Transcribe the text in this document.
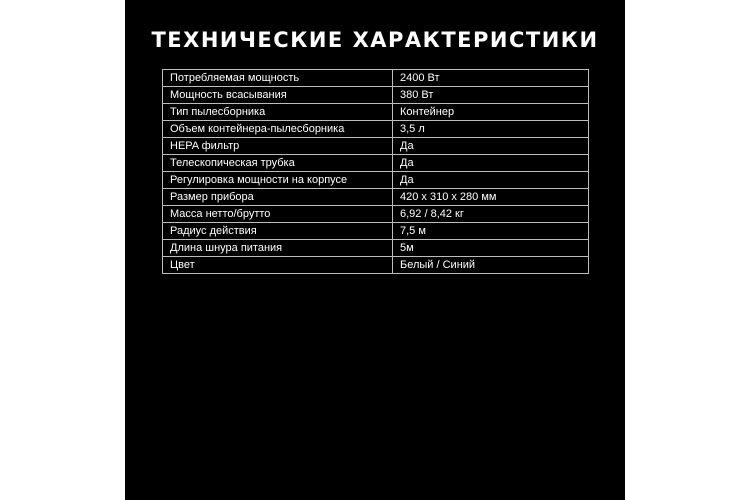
ТЕХНИЧЕСКИЕ ХАРАКТЕРИСТИКИ
Потребляемая мощность	2400 Вт
Мощность всасывания	380 Вт
Тип пылесборника	Контейнер
Объем контейнера-пылесборника	3,5 л
HEPA фильтр	Да
Телескопическая трубка	Да
Регулировка мощности на корпусе	Да
Размер прибора	420 х 310 х 280 мм
Масса нетто/брутто	6,92 / 8,42 кг
Радиус действия	7,5 м
Длина шнура питания	5м
Цвет	Белый / Синий
